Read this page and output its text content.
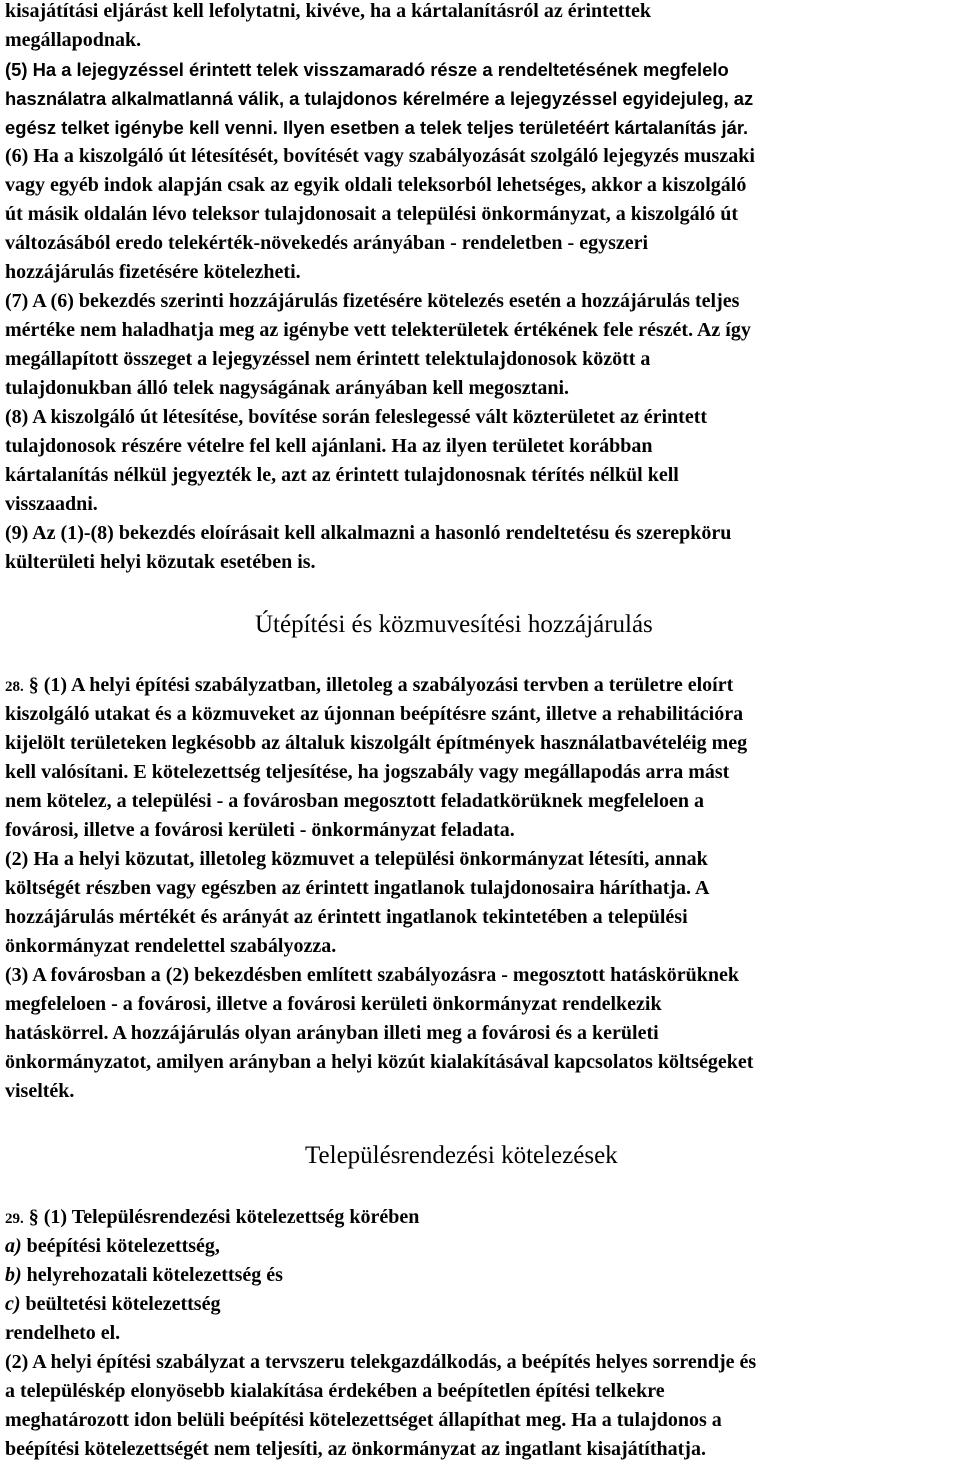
kisajátítási eljárást kell lefolytatni, kivéve, ha a kártalanításról az érintettek
megállapodnak.
(5) Ha a lejegyzéssel érintett telek visszamaradó része a rendeltetésének megfelelo
használatra alkalmatlanná válik, a tulajdonos kérelmére a lejegyzéssel egyidejuleg, az
egész telket igénybe kell venni. Ilyen esetben a telek teljes területéért kártalanítás jár.
(6) Ha a kiszolgáló út létesítését, bovítését vagy szabályozását szolgáló lejegyzés muszaki
vagy egyéb indok alapján csak az egyik oldali teleksorból lehetséges, akkor a kiszolgáló
út másik oldalán lévo teleksor tulajdonosait a települési önkormányzat, a kiszolgáló út
változásából eredo telekérték-növekedés arányában - rendeletben - egyszeri
hozzájárulás fizetésére kötelezheti.
(7) A (6) bekezdés szerinti hozzájárulás fizetésére kötelezés esetén a hozzájárulás teljes
mértéke nem haladhatja meg az igénybe vett telekterületek értékének fele részét. Az így
megállapított összeget a lejegyzéssel nem érintett telektulajdonosok között a
tulajdonukban álló telek nagyságának arányában kell megosztani.
(8) A kiszolgáló út létesítése, bovítése során feleslegessé vált közterületet az érintett
tulajdonosok részére vételre fel kell ajánlani. Ha az ilyen területet korábban
kártalanítás nélkül jegyezték le, azt az érintett tulajdonosnak térítés nélkül kell
visszaadni.
(9) Az (1)-(8) bekezdés eloírásait kell alkalmazni a hasonló rendeltetésu és szerepköru
külterületi helyi közutak esetében is.
Útépítési és közmuvesítési hozzájárulás
28. § (1) A helyi építési szabályzatban, illetoleg a szabályozási tervben a területre eloírt
kiszolgáló utakat és a közmuveket az újonnan beépítésre szánt, illetve a rehabilitációra
kijelölt területeken legkésobb az általuk kiszolgált építmények használatbavételéig meg
kell valósítani. E kötelezettség teljesítése, ha jogszabály vagy megállapodás arra mást
nem kötelez, a települési - a fovárosban megosztott feladatkörüknek megfeleloen a
fovárosi, illetve a fovárosi kerületi - önkormányzat feladata.
(2) Ha a helyi közutat, illetoleg közmuvet a települési önkormányzat létesíti, annak
költségét részben vagy egészben az érintett ingatlanok tulajdonosaira háríthatja. A
hozzájárulás mértékét és arányát az érintett ingatlanok tekintetében a települési
önkormányzat rendelettel szabályozza.
(3) A fovárosban a (2) bekezdésben említett szabályozásra - megosztott hatáskörüknek
megfeleloen - a fovárosi, illetve a fovárosi kerületi önkormányzat rendelkezik
hatáskörrel. A hozzájárulás olyan arányban illeti meg a fovárosi és a kerületi
önkormányzatot, amilyen arányban a helyi közút kialakításával kapcsolatos költségeket
viselték.
Településrendezési kötelezések
29. § (1) Településrendezési kötelezettség körében
a) beépítési kötelezettség,
b) helyrehozatali kötelezettség és
c) beültetési kötelezettség
rendelheto el.
(2) A helyi építési szabályzat a tervszeru telekgazdálkodás, a beépítés helyes sorrendje és
a településkép elonyösebb kialakítása érdekében a beépítetlen építési telkekre
meghatározott idon belüli beépítési kötelezettséget állapíthat meg. Ha a tulajdonos a
beépítési kötelezettségét nem teljesíti, az önkormányzat az ingatlant kisajátíthatja.
